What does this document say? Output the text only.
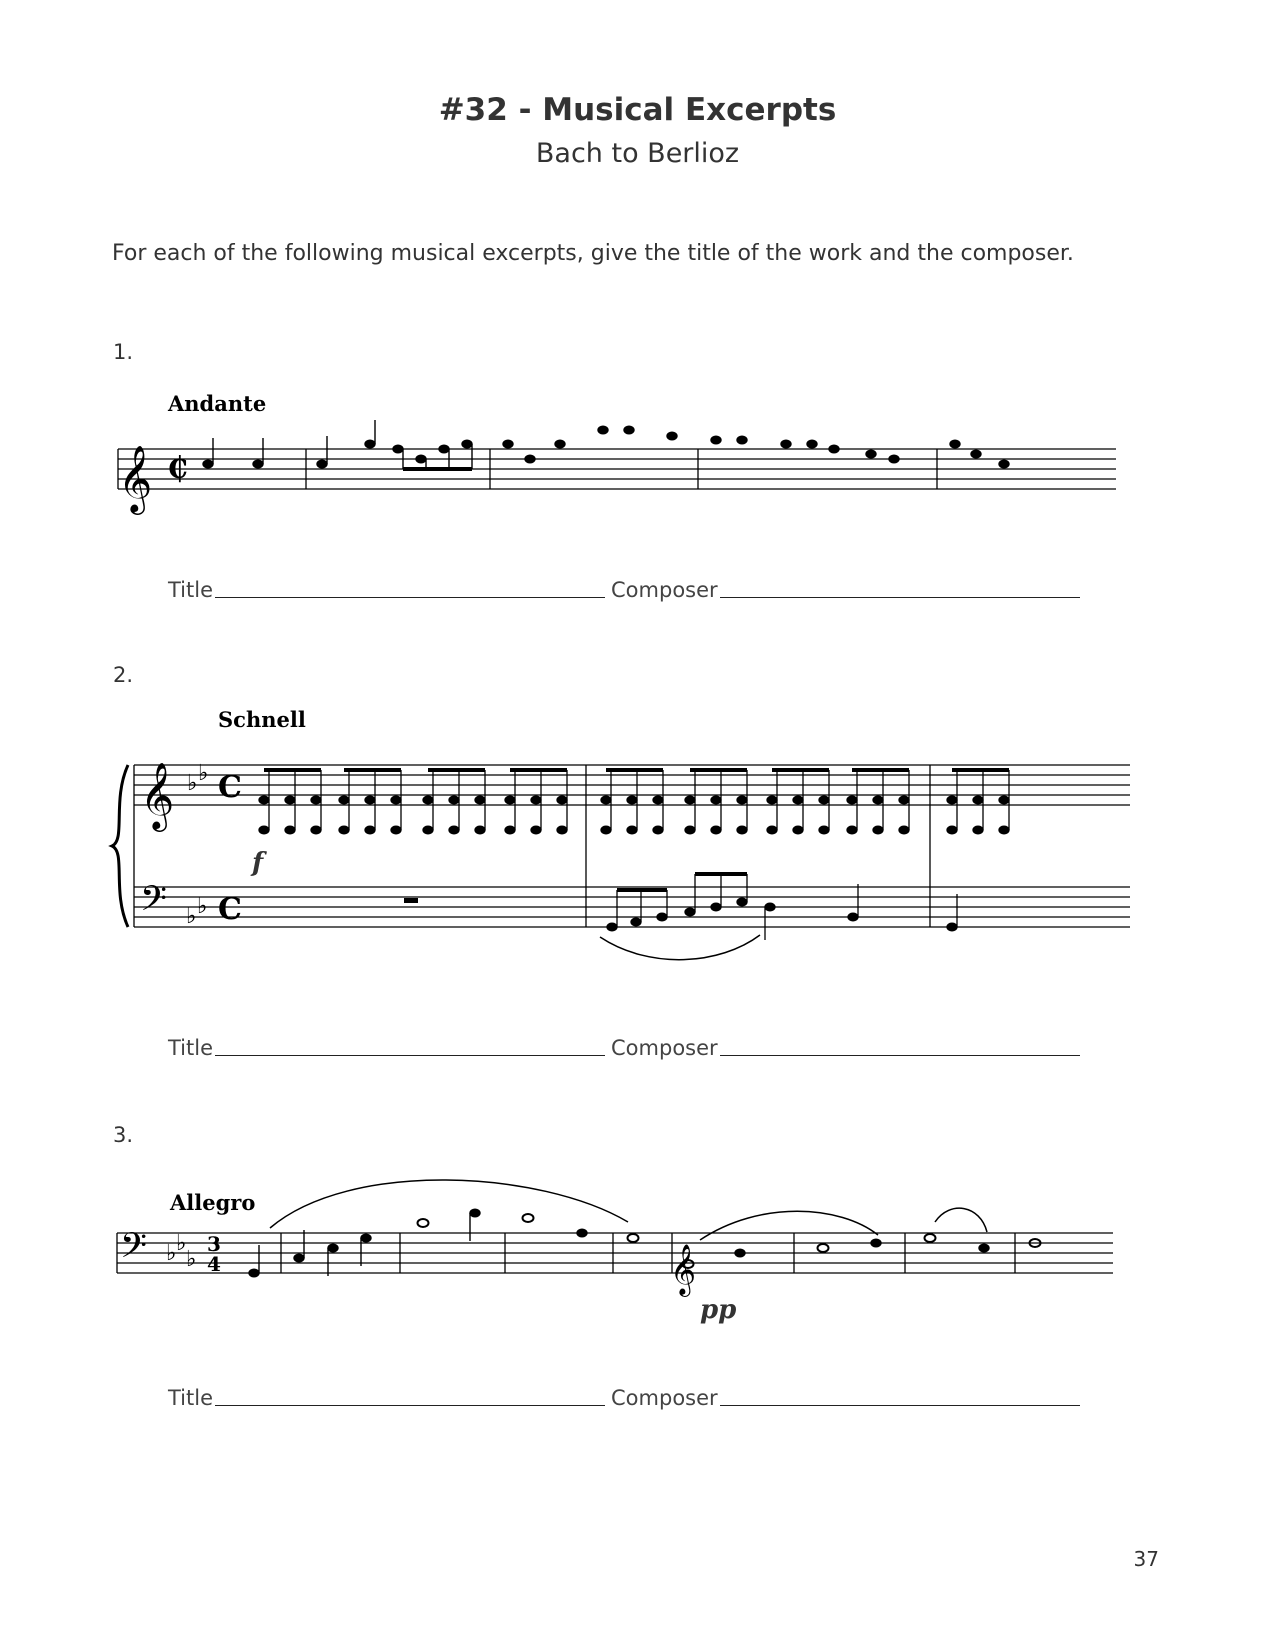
#32 - Musical Excerpts
Bach to Berlioz
For each of the following musical excerpts, give the title of the work and the composer.
1.
Andante
𝄞 ₵
𝄞
𝄢
♭ ♭
♭ ♭
C
C
𝄢 ♭ ♭
♭
3
4	𝄞
Allegro
Schnell
f
pp
2.
3.
Title	Composer
Title	Composer
Title	Composer
37
